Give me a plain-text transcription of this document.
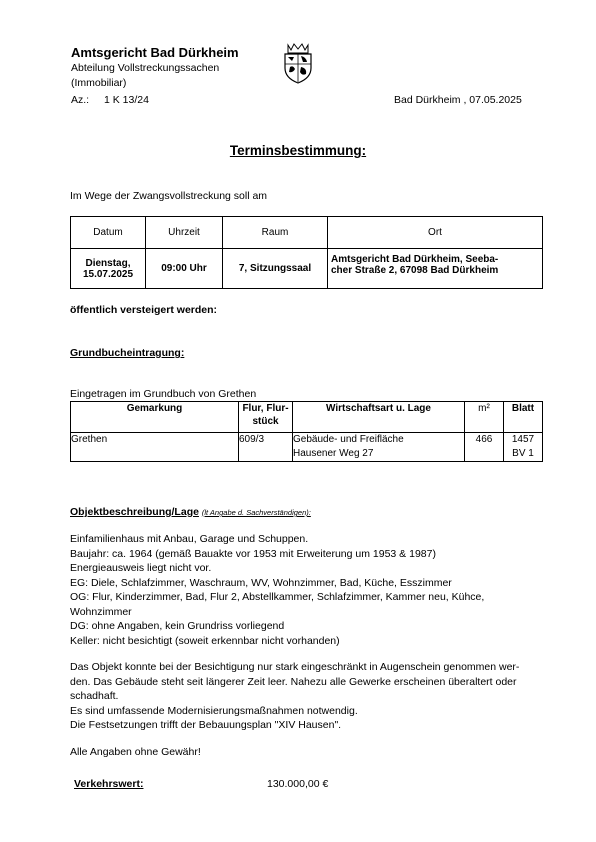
Amtsgericht Bad Dürkheim
Abteilung Vollstreckungssachen
(Immobiliar)
Az.: 1 K 13/24	Bad Dürkheim , 07.05.2025
Terminsbestimmung:
Im Wege der Zwangsvollstreckung soll am
Datum	Uhrzeit	Raum	Ort
Dienstag,
15.07.2025	09:00 Uhr	7, Sitzungssaal	Amtsgericht Bad Dürkheim, Seeba-
cher Straße 2, 67098 Bad Dürkheim
öffentlich versteigert werden:
Grundbucheintragung:
Eingetragen im Grundbuch von Grethen
Gemarkung	Flur, Flur-
stück	Wirtschaftsart u. Lage	m²	Blatt
Grethen	609/3	Gebäude- und Freifläche
Hausener Weg 27	466	1457
BV 1
Objektbeschreibung/Lage (lt Angabe d. Sachverständigen):
Einfamilienhaus mit Anbau, Garage und Schuppen.
Baujahr: ca. 1964 (gemäß Bauakte vor 1953 mit Erweiterung um 1953 & 1987)
Energieausweis liegt nicht vor.
EG: Diele, Schlafzimmer, Waschraum, WV, Wohnzimmer, Bad, Küche, Esszimmer
OG: Flur, Kinderzimmer, Bad, Flur 2, Abstellkammer, Schlafzimmer, Kammer neu, Kühce,
Wohnzimmer
DG: ohne Angaben, kein Grundriss vorliegend
Keller: nicht besichtigt (soweit erkennbar nicht vorhanden)
Das Objekt konnte bei der Besichtigung nur stark eingeschränkt in Augenschein genommen wer-
den. Das Gebäude steht seit längerer Zeit leer. Nahezu alle Gewerke erscheinen überaltert oder
schadhaft.
Es sind umfassende Modernisierungsmaßnahmen notwendig.
Die Festsetzungen trifft der Bebauungsplan "XIV Hausen".
Alle Angaben ohne Gewähr!
Verkehrswert:	130.000,00 €
